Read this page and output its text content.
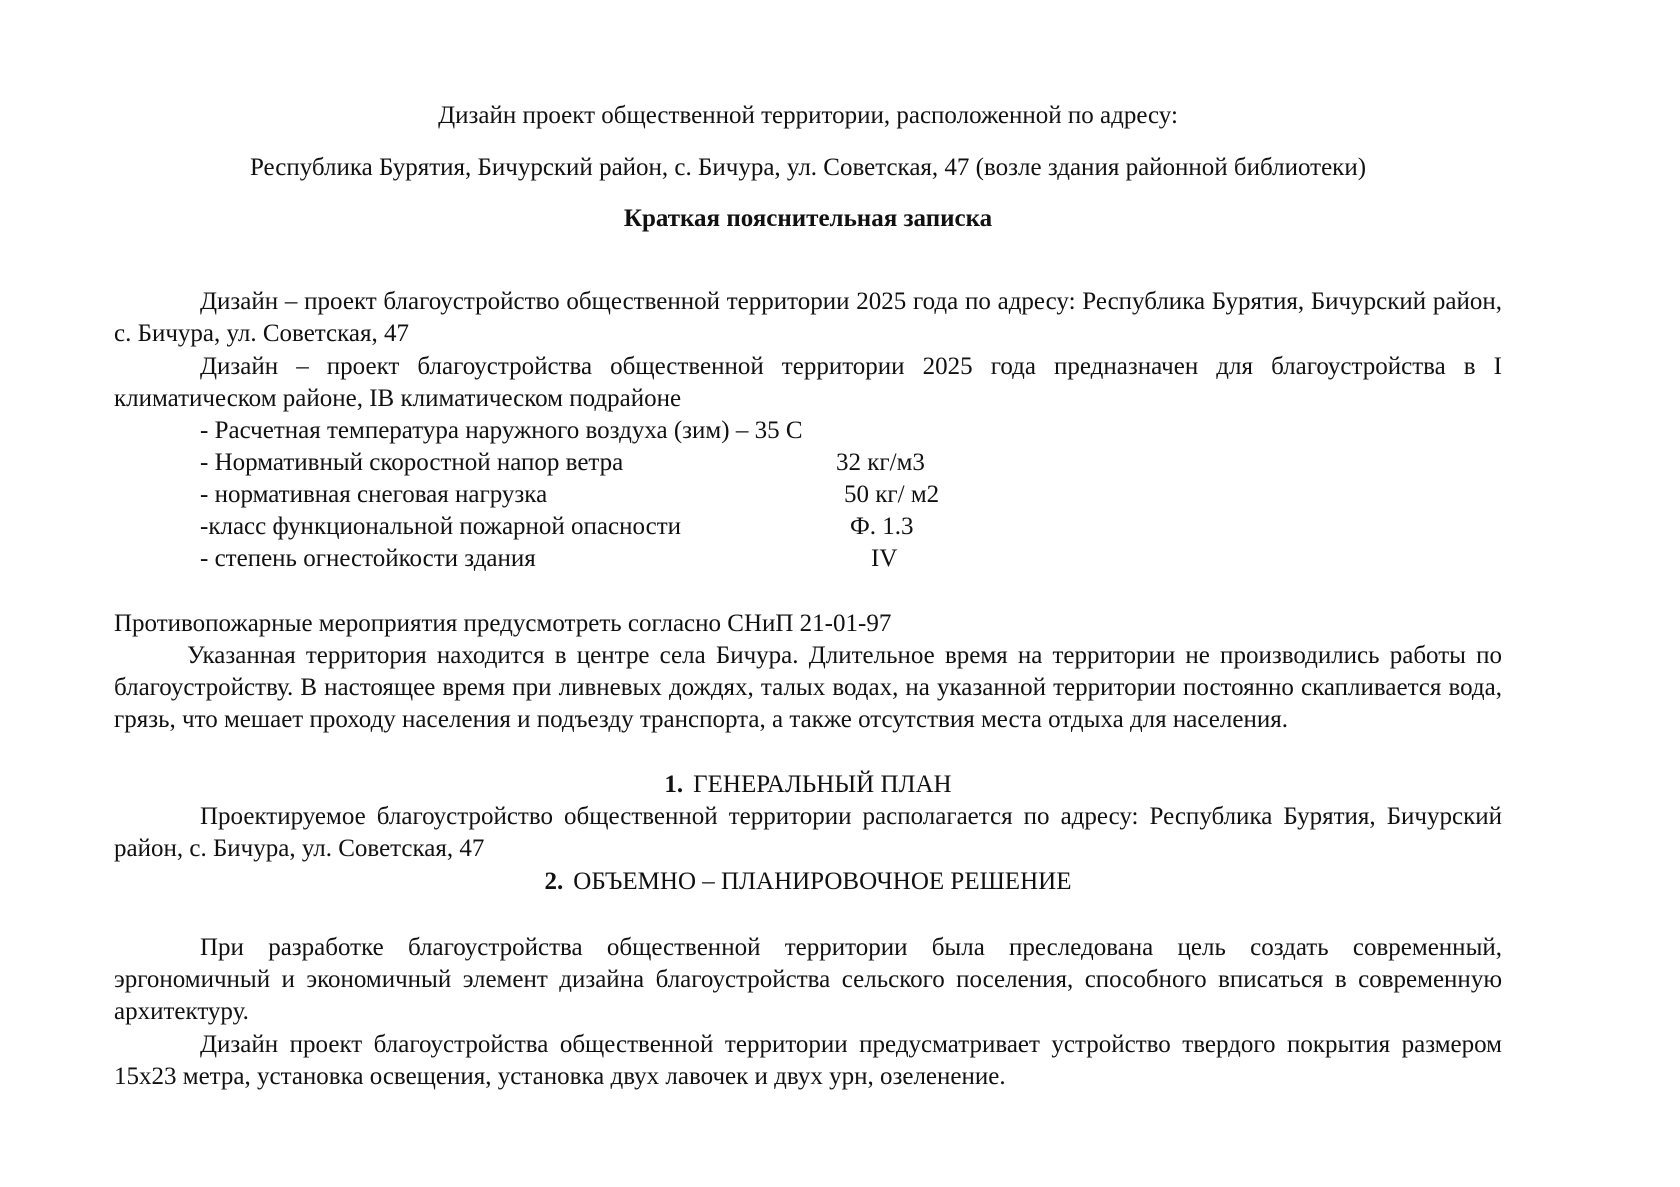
Дизайн проект общественной территории, расположенной по адресу:
Республика Бурятия, Бичурский район, с. Бичура, ул. Советская, 47 (возле здания районной библиотеки)
Краткая пояснительная записка

Дизайн – проект благоустройство общественной территории 2025 года по адресу: Республика Бурятия, Бичурский район, с. Бичура, ул. Советская, 47

Дизайн – проект благоустройства общественной территории 2025 года предназначен для благоустройства в I климатическом районе, IВ климатическом подрайоне

- Расчетная температура наружного воздуха (зим) – 35 С
- Нормативный скоростной напор ветра	32 кг/м3
- нормативная снеговая нагрузка	50 кг/ м2
-класс функциональной пожарной опасности	Ф. 1.3
- степень огнестойкости здания	IV
Противопожарные мероприятия предусмотреть согласно СНиП 21-01-97

Указанная территория находится в центре села Бичура. Длительное время на территории не производились работы по благоустройству. В настоящее время при ливневых дождях, талых водах, на указанной территории постоянно скапливается вода, грязь, что мешает проходу населения и подъезду транспорта, а также отсутствия места отдыха для населения.

1. ГЕНЕРАЛЬНЫЙ ПЛАН

Проектируемое благоустройство общественной территории располагается по адресу: Республика Бурятия, Бичурский район, с. Бичура, ул. Советская, 47

2. ОБЪЕМНО – ПЛАНИРОВОЧНОЕ РЕШЕНИЕ

При разработке благоустройства общественной территории была преследована цель создать современный, эргономичный и экономичный элемент дизайна благоустройства сельского поселения, способного вписаться в современную архитектуру.

Дизайн проект благоустройства общественной территории предусматривает устройство твердого покрытия размером 15х23 метра, установка освещения, установка двух лавочек и двух урн, озеленение.
